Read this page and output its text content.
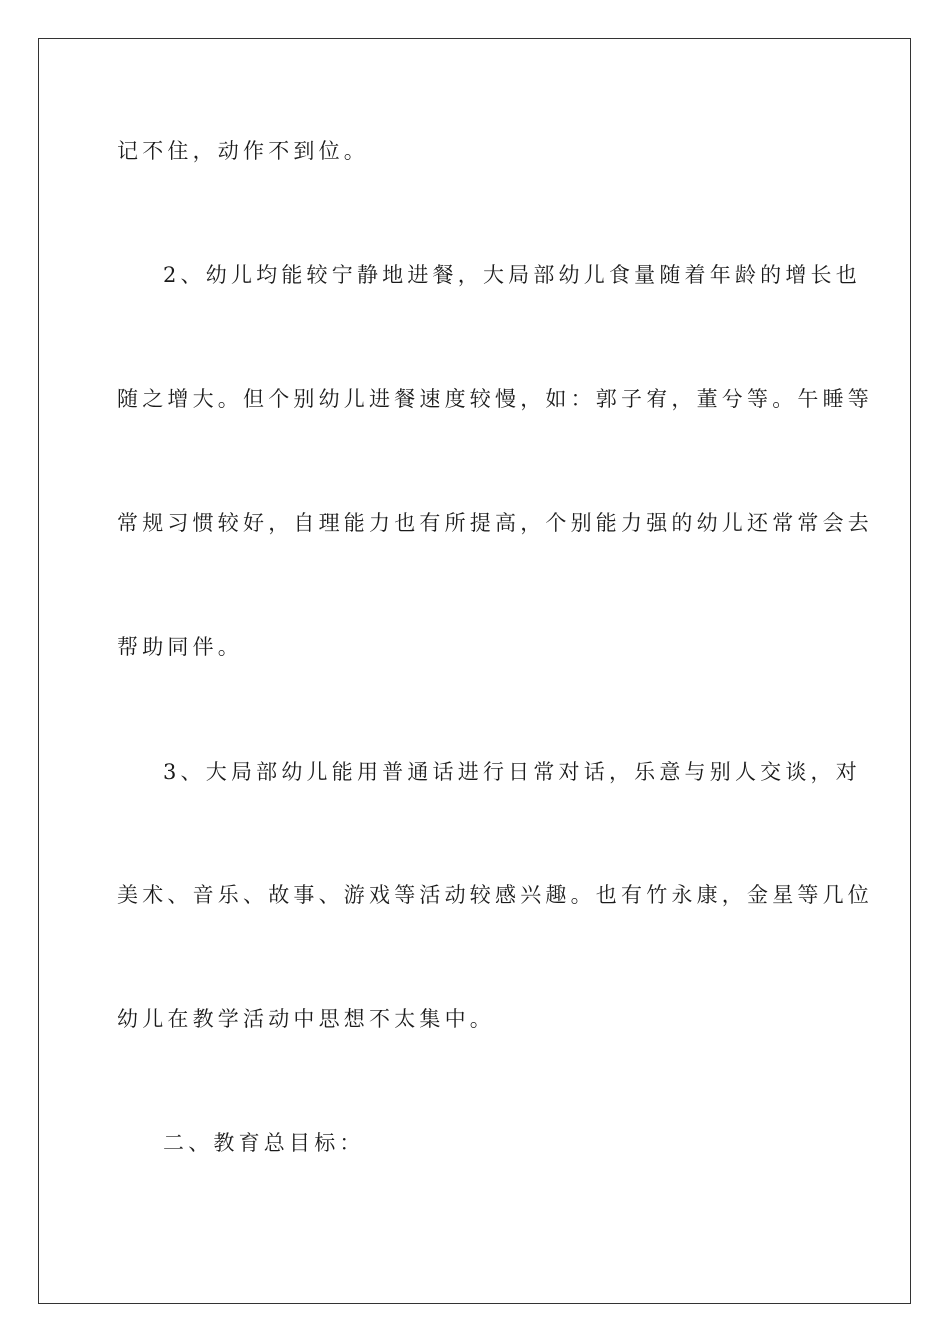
记不住，动作不到位。
2、幼儿均能较宁静地进餐，大局部幼儿食量随着年龄的增长也
随之增大。但个别幼儿进餐速度较慢，如：郭子宥，董兮等。午睡等
常规习惯较好，自理能力也有所提高，个别能力强的幼儿还常常会去
帮助同伴。
3、大局部幼儿能用普通话进行日常对话，乐意与别人交谈，对
美术、音乐、故事、游戏等活动较感兴趣。也有竹永康，金星等几位
幼儿在教学活动中思想不太集中。
二、教育总目标：
